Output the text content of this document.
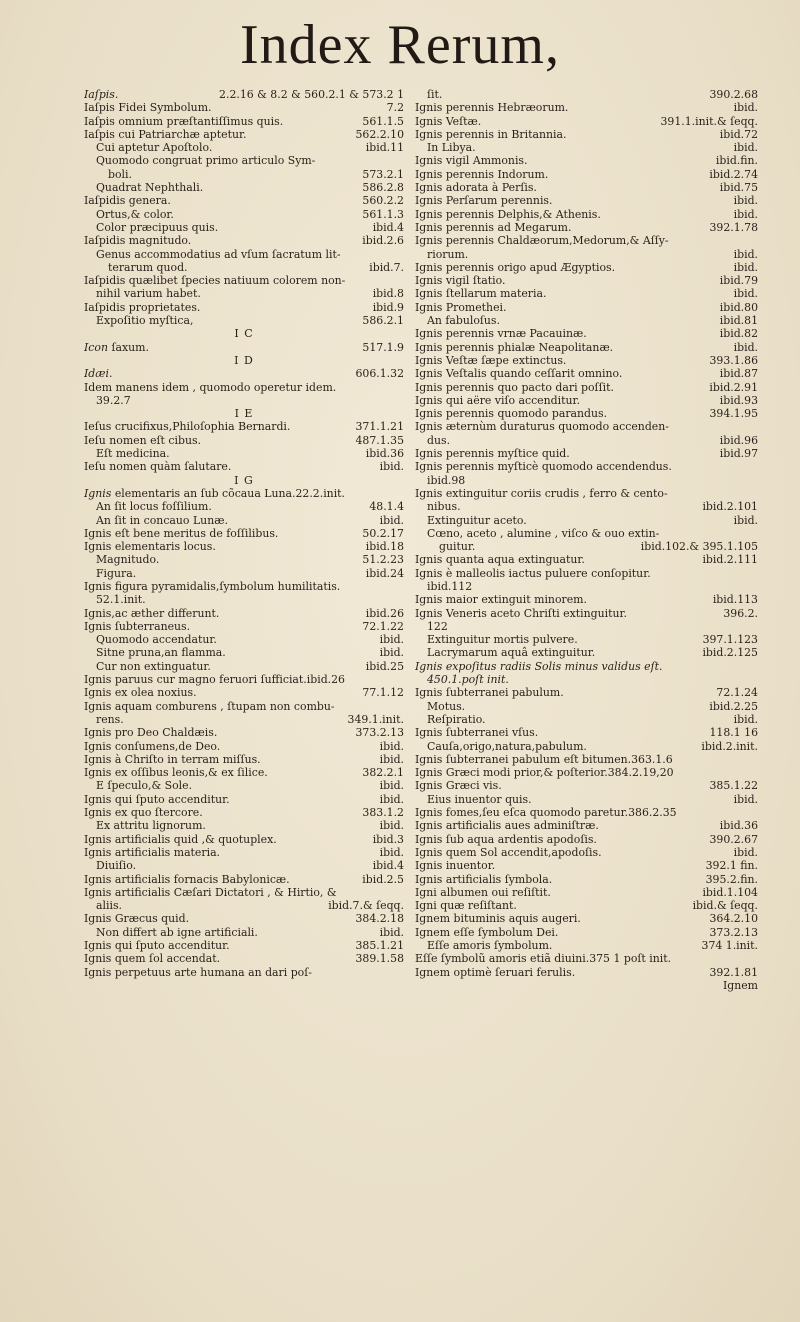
Index Rerum,
Iaſpis.	2.2.16 & 8.2 & 560.2.1 & 573.2 1
Iaſpis Fidei Symbolum.	7.2
Iaſpis omnium præſtantiſſimus quis.	561.1.5
Iaſpis cui Patriarchæ aptetur.	562.2.10
Cui aptetur Apoſtolo.	ibid.11
Quomodo congruat primo articulo Sym-
boli.	573.2.1
Quadrat Nephthali.	586.2.8
Iaſpidis genera.	560.2.2
Ortus,& color.	561.1.3
Color præcipuus quis.	ibid.4
Iaſpidis magnitudo.	ibid.2.6
Genus accommodatius ad vſum ſacratum lit-
terarum quod.	ibid.7.
Iaſpidis quælibet ſpecies natiuum colorem non-
nihil varium habet.	ibid.8
Iaſpidis proprietates.	ibid.9
Expoſitio myſtica,	586.2.1
I C
Icon ſaxum.	517.1.9
I D
Idæi.	606.1.32
Idem manens idem , quomodo operetur idem.
39.2.7
I E
Ieſus crucifixus,Philoſophia Bernardi.	371.1.21
Ieſu nomen eſt cibus.	487.1.35
Eſt medicina.	ibid.36
Ieſu nomen quàm ſalutare.	ibid.
I G
Ignis elementaris an ſub cõcaua Luna.22.2.init.
An ſit locus foſſilium.	48.1.4
An ſit in concauo Lunæ.	ibid.
Ignis eſt bene meritus de foſſilibus.	50.2.17
Ignis elementaris locus.	ibid.18
Magnitudo.	51.2.23
Figura.	ibid.24
Ignis figura pyramidalis,ſymbolum humilitatis.
52.1.init.
Ignis,ac æther differunt.	ibid.26
Ignis ſubterraneus.	72.1.22
Quomodo accendatur.	ibid.
Sitne pruna,an flamma.	ibid.
Cur non extinguatur.	ibid.25
Ignis paruus cur magno feruori ſufficiat.ibid.26
Ignis ex olea noxius.	77.1.12
Ignis aquam comburens , ſtupam non combu-
rens.	349.1.init.
Ignis pro Deo Chaldæis.	373.2.13
Ignis conſumens,de Deo.	ibid.
Ignis à Chriſto in terram miſſus.	ibid.
Ignis ex oſſibus leonis,& ex ſilice.	382.2.1
E ſpeculo,& Sole.	ibid.
Ignis qui ſputo accenditur.	ibid.
Ignis ex quo ſtercore.	383.1.2
Ex attritu lignorum.	ibid.
Ignis artificialis quid ,& quotuplex.	ibid.3
Ignis artificialis materia.	ibid.
Diuiſio.	ibid.4
Ignis artificialis fornacis Babylonicæ.	ibid.2.5
Ignis artificialis Cæſari Dictatori , & Hirtio, &
aliis.	ibid.7.& ſeqq.
Ignis Græcus quid.	384.2.18
Non differt ab igne artificiali.	ibid.
Ignis qui ſputo accenditur.	385.1.21
Ignis quem ſol accendat.	389.1.58
Ignis perpetuus arte humana an dari poſ-
ſit.	390.2.68
Ignis perennis Hebræorum.	ibid.
Ignis Veſtæ.	391.1.init.& ſeqq.
Ignis perennis in Britannia.	ibid.72
In Libya.	ibid.
Ignis vigil Ammonis.	ibid.fin.
Ignis perennis Indorum.	ibid.2.74
Ignis adorata à Perſis.	ibid.75
Ignis Perſarum perennis.	ibid.
Ignis perennis Delphis,& Athenis.	ibid.
Ignis perennis ad Megarum.	392.1.78
Ignis perennis Chaldæorum,Medorum,& Aſſy-
riorum.	ibid.
Ignis perennis origo apud Ægyptios.	ibid.
Ignis vigil ſtatio.	ibid.79
Ignis ſtellarum materia.	ibid.
Ignis Promethei.	ibid.80
An fabuloſus.	ibid.81
Ignis perennis vrnæ Pacauinæ.	ibid.82
Ignis perennis phialæ Neapolitanæ.	ibid.
Ignis Veſtæ ſæpe extinctus.	393.1.86
Ignis Veſtalis quando ceſſarit omnino.	ibid.87
Ignis perennis quo pacto dari poſſit.	ibid.2.91
Ignis qui aëre viſo accenditur.	ibid.93
Ignis perennis quomodo parandus.	394.1.95
Ignis æternùm duraturus quomodo accenden-
dus.	ibid.96
Ignis perennis myſtice quid.	ibid.97
Ignis perennis myſticè quomodo accendendus.
ibid.98
Ignis extinguitur coriis crudis , ferro & cento-
nibus.	ibid.2.101
Extinguitur aceto.	ibid.
Cœno, aceto , alumine , viſco & ouo extin-
guitur.	ibid.102.& 395.1.105
Ignis quanta aqua extinguatur.	ibid.2.111
Ignis è malleolis iactus puluere conſopitur.
ibid.112
Ignis maior extinguit minorem.	ibid.113
Ignis Veneris aceto Chriſti extinguitur.	396.2.
122
Extinguitur mortis pulvere.	397.1.123
Lacrymarum aquâ extinguitur.	ibid.2.125
Ignis expoſitus radiis Solis minus validus eſt.
450.1.poſt init.
Ignis ſubterranei pabulum.	72.1.24
Motus.	ibid.2.25
Reſpiratio.	ibid.
Ignis ſubterranei vſus.	118.1 16
Cauſa,origo,natura,pabulum.	ibid.2.init.
Ignis ſubterranei pabulum eſt bitumen.363.1.6
Ignis Græci modi prior,& poſterior.384.2.19,20
Ignis Græci vis.	385.1.22
Eius inuentor quis.	ibid.
Ignis fomes,ſeu eſca quomodo paretur.386.2.35
Ignis artificialis aues adminiſtræ.	ibid.36
Ignis ſub aqua ardentis apodoſis.	390.2.67
Ignis quem Sol accendit,apodoſis.	ibid.
Ignis inuentor.	392.1 fin.
Ignis artificialis ſymbola.	395.2.fin.
Igni albumen oui reſiſtit.	ibid.1.104
Igni quæ reſiſtant.	ibid.& ſeqq.
Ignem bituminis aquis augeri.	364.2.10
Ignem eſſe ſymbolum Dei.	373.2.13
Eſſe amoris ſymbolum.	374 1.init.
Eſſe ſymbolũ amoris etiã diuini.375 1 poſt init.
Ignem optimè ſeruari ferulis.	392.1.81
Ignem
